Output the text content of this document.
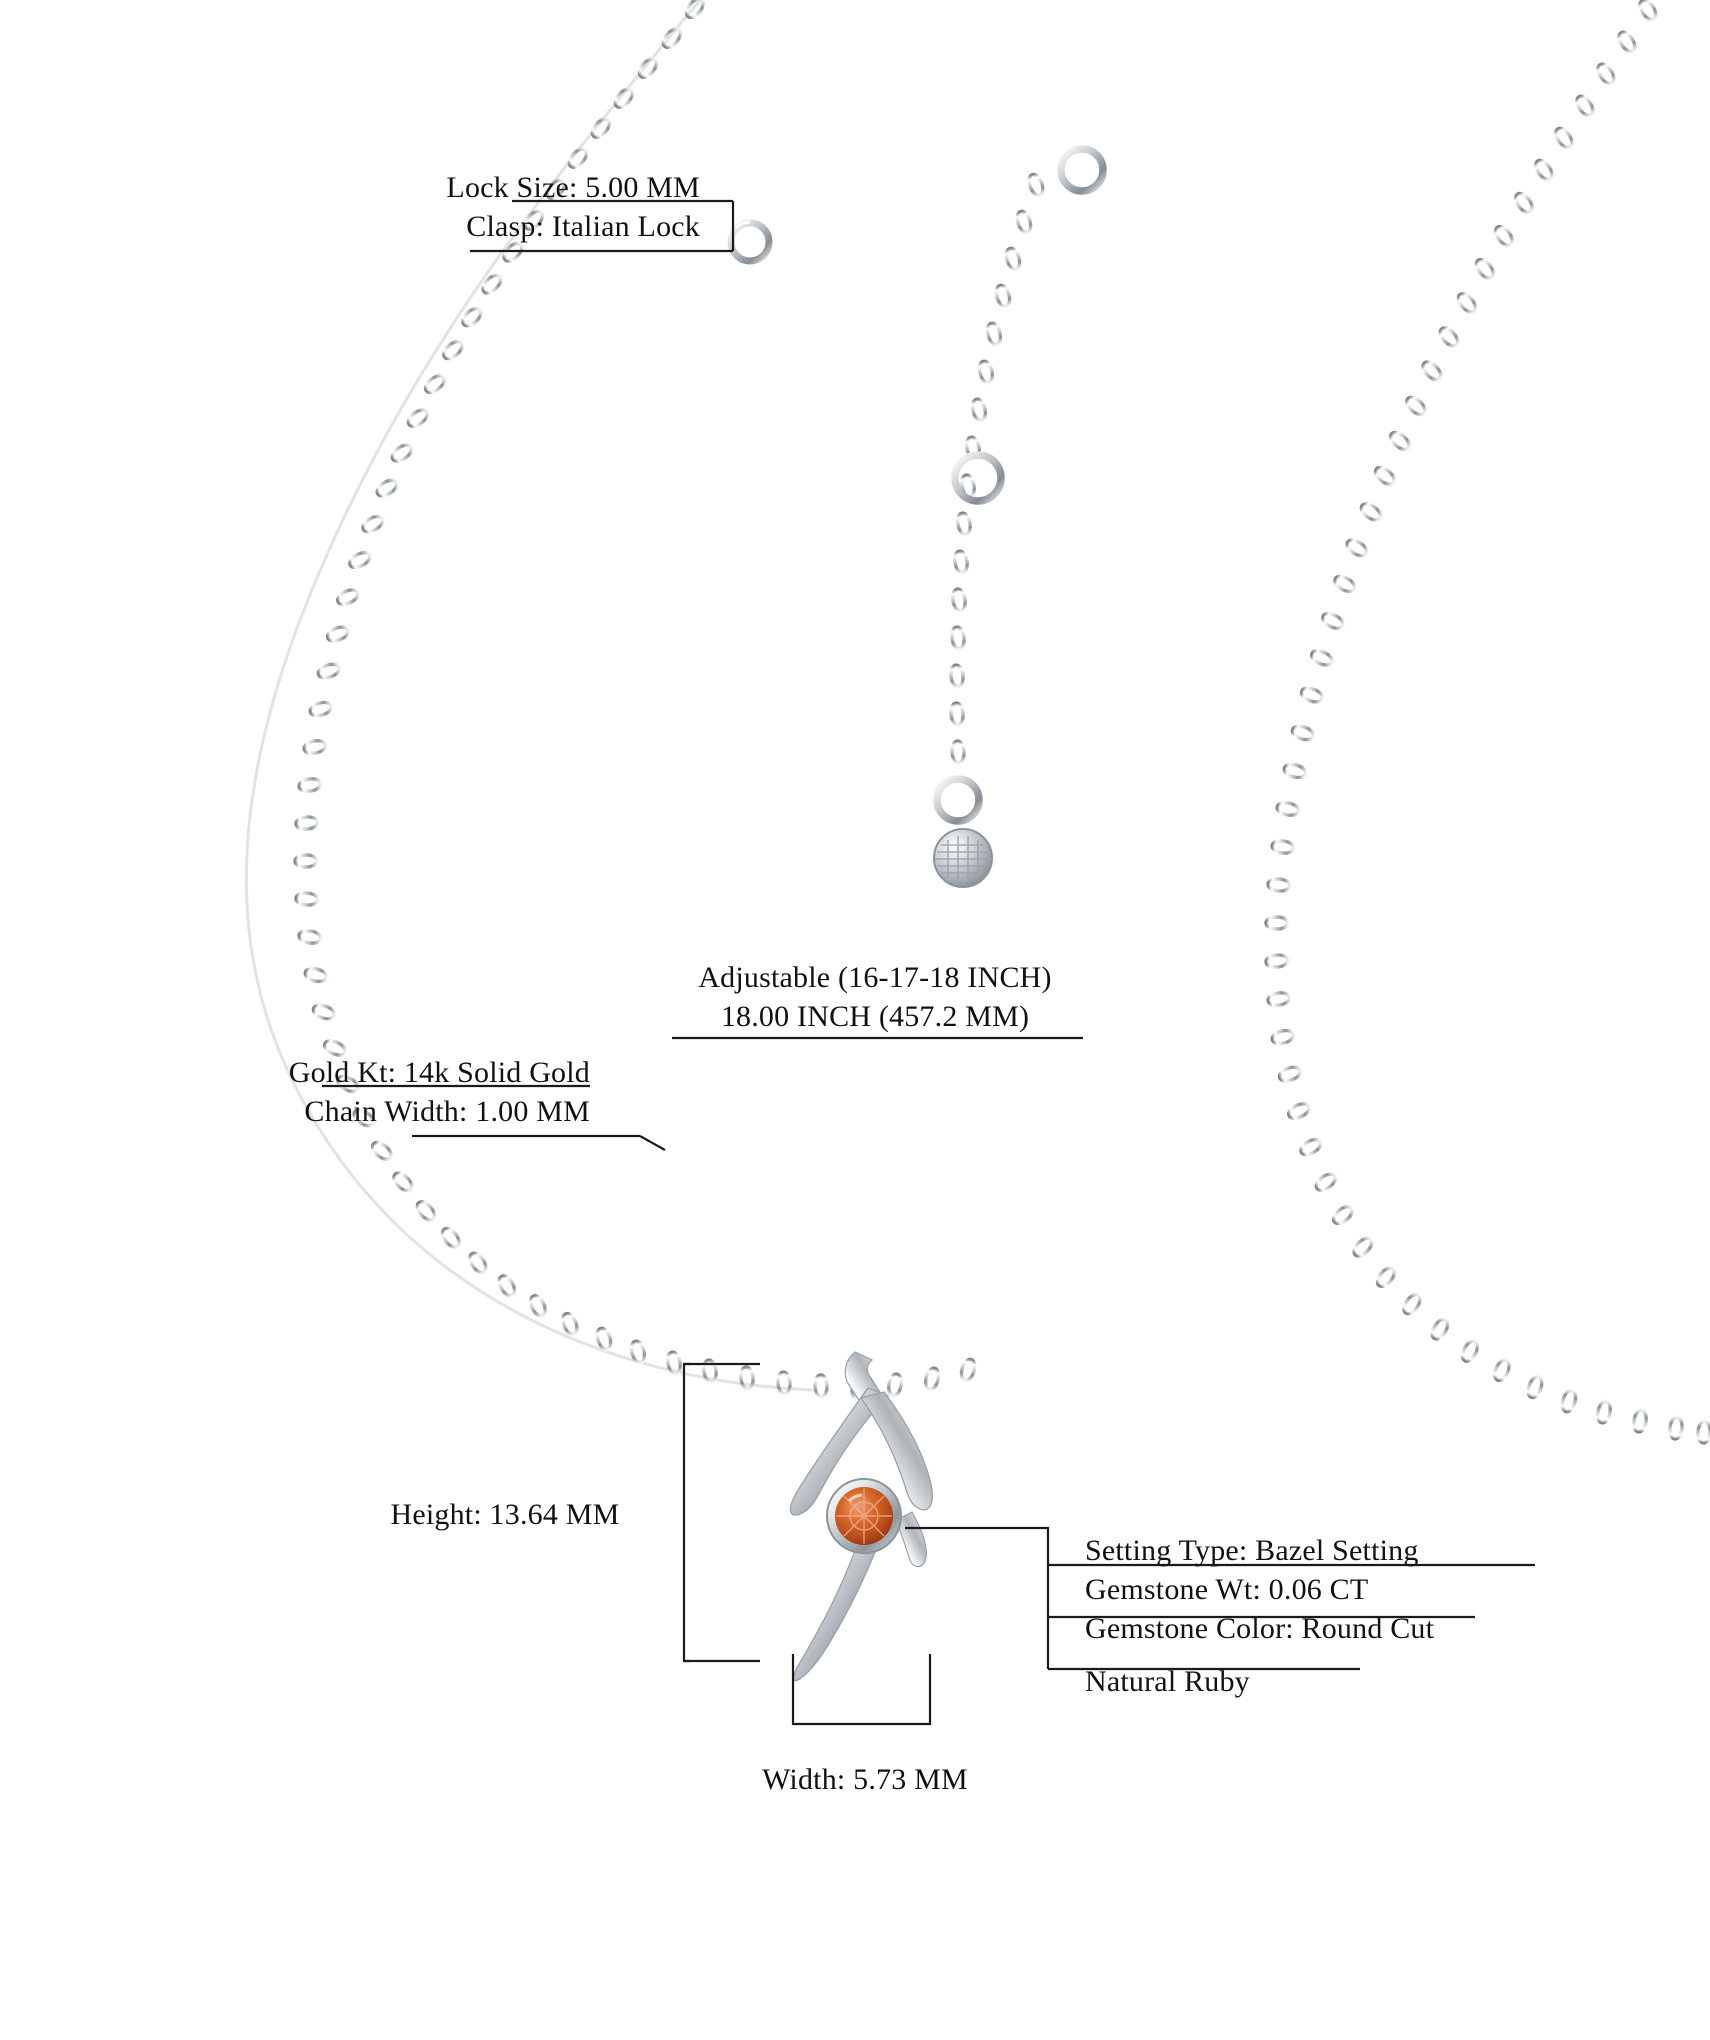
Lock Size: 5.00 MM
Clasp: Italian Lock
Adjustable (16-17-18 INCH)
18.00 INCH (457.2 MM)
Gold Kt: 14k Solid Gold
Chain Width: 1.00 MM
Height: 13.64 MM
Width: 5.73 MM
Setting Type: Bazel Setting
Gemstone Wt: 0.06 CT
Gemstone Color: Round Cut
Natural Ruby
